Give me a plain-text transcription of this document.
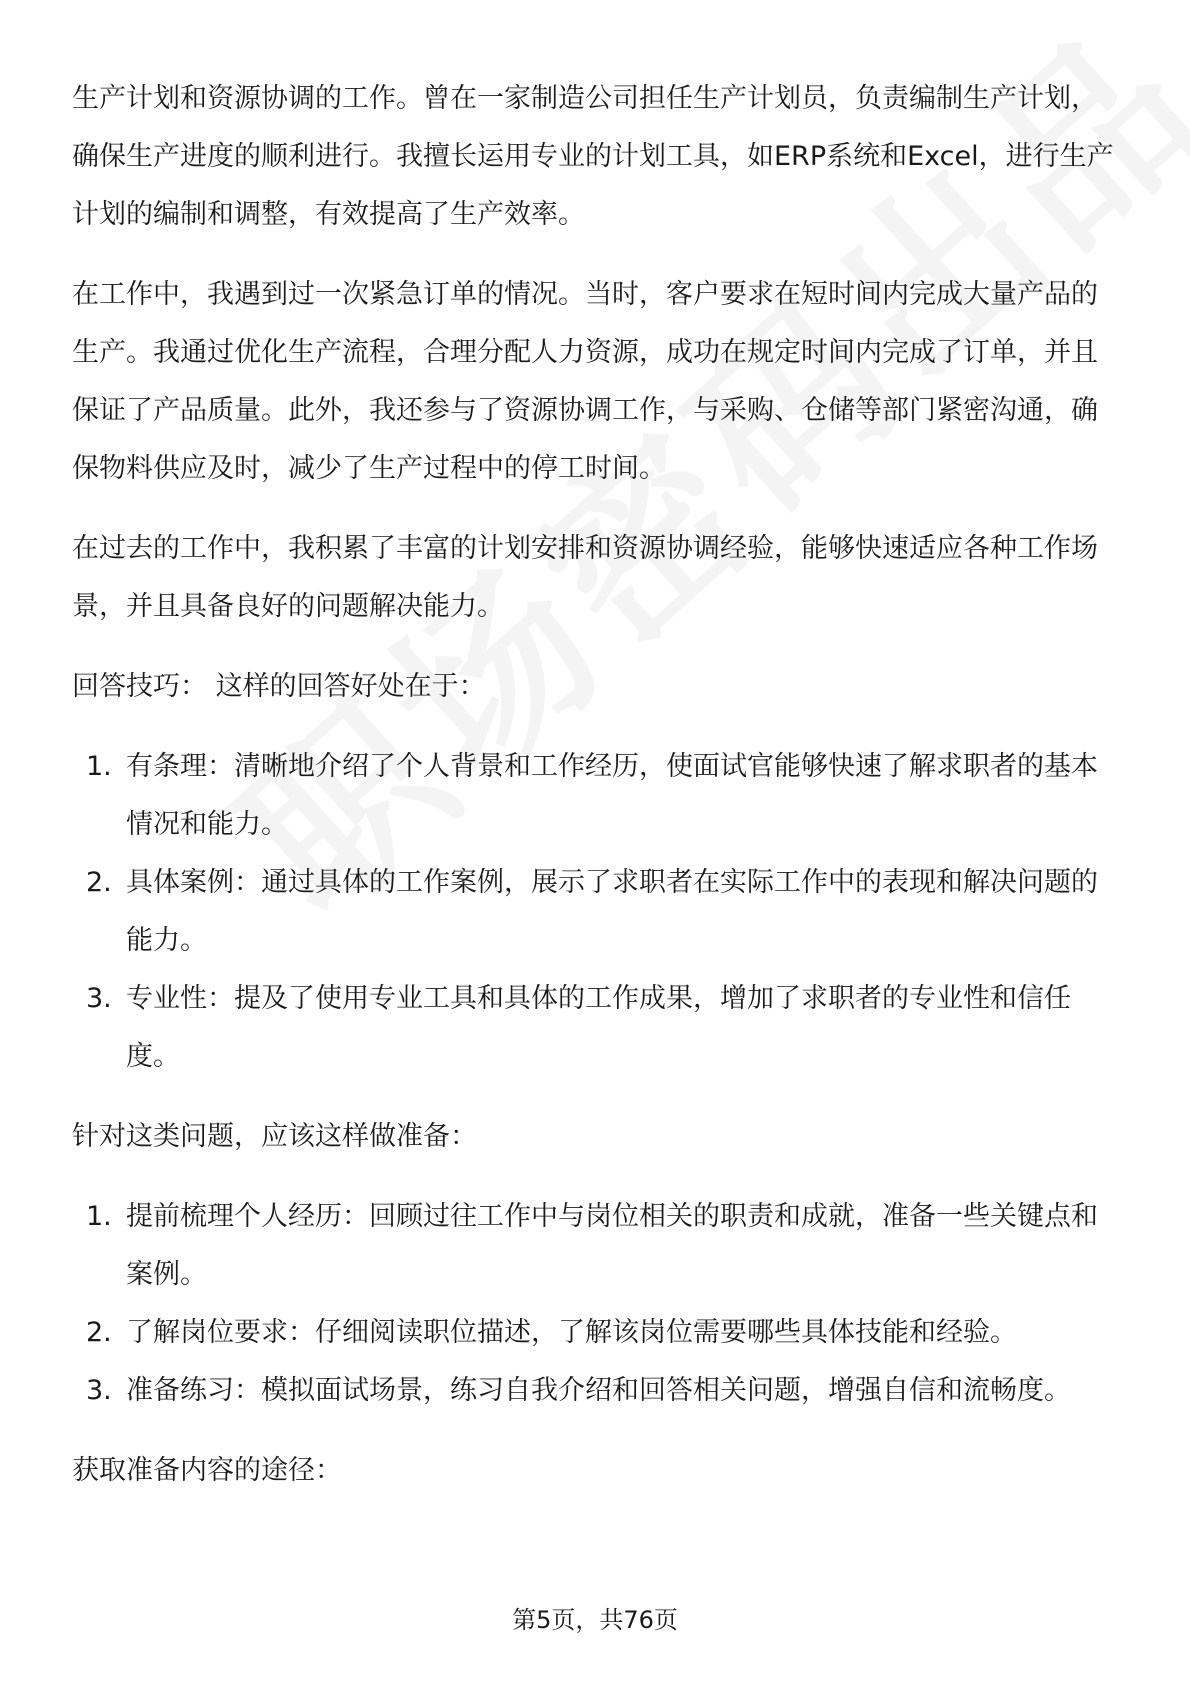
生产计划和资源协调的工作。曾在一家制造公司担任生产计划员，负责编制生产计划，确保生产进度的顺利进行。我擅长运用专业的计划工具，如ERP系统和Excel，进行生产计划的编制和调整，有效提高了生产效率。

在工作中，我遇到过一次紧急订单的情况。当时，客户要求在短时间内完成大量产品的生产。我通过优化生产流程，合理分配人力资源，成功在规定时间内完成了订单，并且保证了产品质量。此外，我还参与了资源协调工作，与采购、仓储等部门紧密沟通，确保物料供应及时，减少了生产过程中的停工时间。

在过去的工作中，我积累了丰富的计划安排和资源协调经验，能够快速适应各种工作场景，并且具备良好的问题解决能力。

回答技巧： 这样的回答好处在于：

1. 有条理：清晰地介绍了个人背景和工作经历，使面试官能够快速了解求职者的基本情况和能力。
2. 具体案例：通过具体的工作案例，展示了求职者在实际工作中的表现和解决问题的能力。
3. 专业性：提及了使用专业工具和具体的工作成果，增加了求职者的专业性和信任度。

针对这类问题，应该这样做准备：

1. 提前梳理个人经历：回顾过往工作中与岗位相关的职责和成就，准备一些关键点和案例。
2. 了解岗位要求：仔细阅读职位描述，了解该岗位需要哪些具体技能和经验。
3. 准备练习：模拟面试场景，练习自我介绍和回答相关问题，增强自信和流畅度。

获取准备内容的途径：

第5页，共76页
